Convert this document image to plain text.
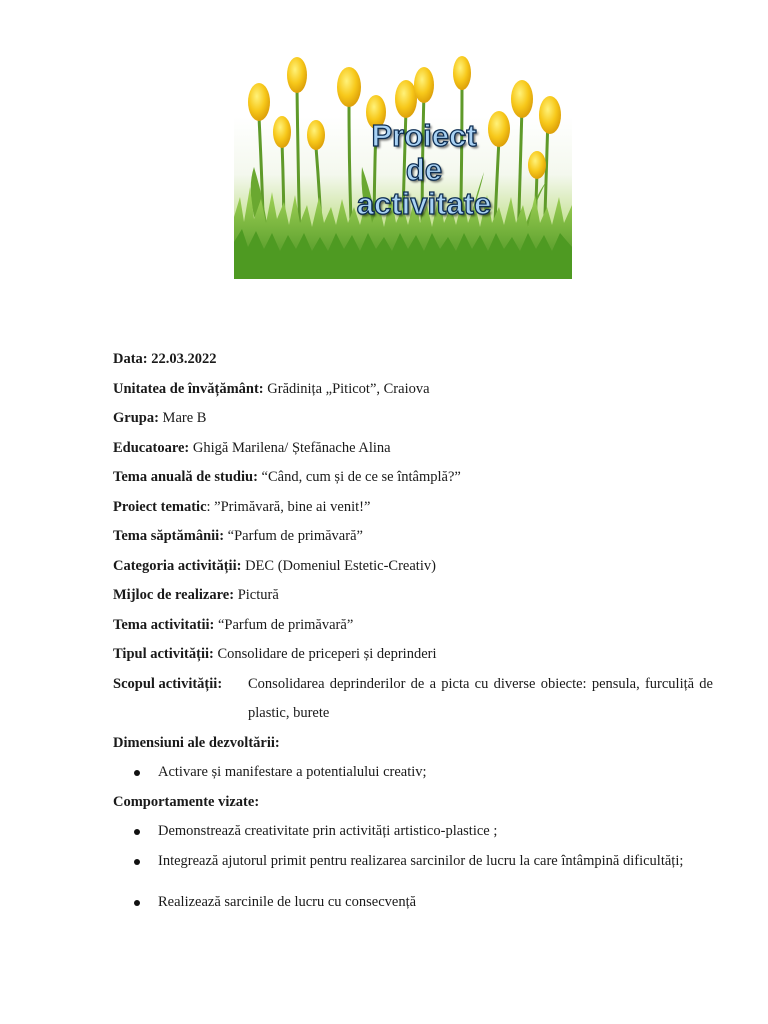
Proiect
de
activitate
Data: 22.03.2022
Unitatea de învățământ: Grădinița „Piticot”, Craiova
Grupa: Mare B
Educatoare: Ghigă Marilena/ Ștefănache Alina
Tema anuală de studiu: “Când, cum și de ce se întâmplă?”
Proiect tematic: ”Primăvară, bine ai venit!”
Tema săptămânii: “Parfum de primăvară”
Categoria activității: DEC (Domeniul Estetic-Creativ)
Mijloc de realizare: Pictură
Tema activitatii: “Parfum de primăvară”
Tipul activității: Consolidare de priceperi și deprinderi
Scopul activității:	Consolidarea deprinderilor de a picta cu diverse obiecte: pensula, furculiță de plastic, burete
Dimensiuni ale dezvoltării:
Activare și manifestare a potentialului creativ;
Comportamente vizate:
Demonstrează creativitate prin activități artistico-plastice ;
Integrează ajutorul primit pentru realizarea sarcinilor de lucru la care întâmpină dificultăți;
Realizează sarcinile de lucru cu consecvență
